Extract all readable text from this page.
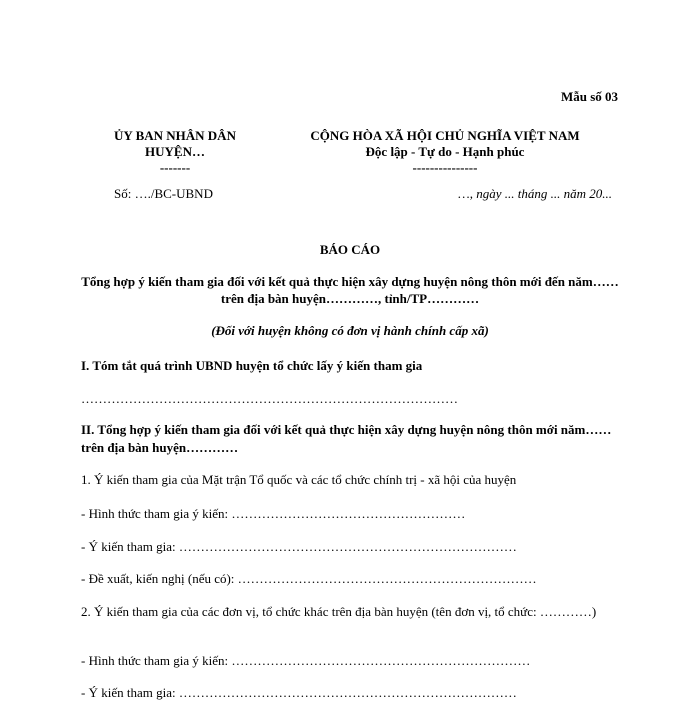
Mẫu số 03
ỦY BAN NHÂN DÂN
HUYỆN…
-------
CỘNG HÒA XÃ HỘI CHỦ NGHĨA VIỆT NAM
Độc lập - Tự do - Hạnh phúc
---------------
Số: …./BC-UBND	…, ngày ... tháng ... năm 20...
BÁO CÁO
Tổng hợp ý kiến tham gia đối với kết quả thực hiện xây dựng huyện nông thôn mới đến năm…… trên địa bàn huyện…………, tỉnh/TP…………
(Đối với huyện không có đơn vị hành chính cấp xã)
I. Tóm tắt quá trình UBND huyện tổ chức lấy ý kiến tham gia
……………………………………………………………………………
II. Tổng hợp ý kiến tham gia đối với kết quả thực hiện xây dựng huyện nông thôn mới năm……trên địa bàn huyện…………
1. Ý kiến tham gia của Mặt trận Tổ quốc và các tổ chức chính trị - xã hội của huyện
- Hình thức tham gia ý kiến: ………………………………………………
- Ý kiến tham gia: ……………………………………………………………………
- Đề xuất, kiến nghị (nếu có): ……………………………………………………………
2. Ý kiến tham gia của các đơn vị, tổ chức khác trên địa bàn huyện (tên đơn vị, tổ chức: …………)
- Hình thức tham gia ý kiến: ……………………………………………………………
- Ý kiến tham gia: ……………………………………………………………………
